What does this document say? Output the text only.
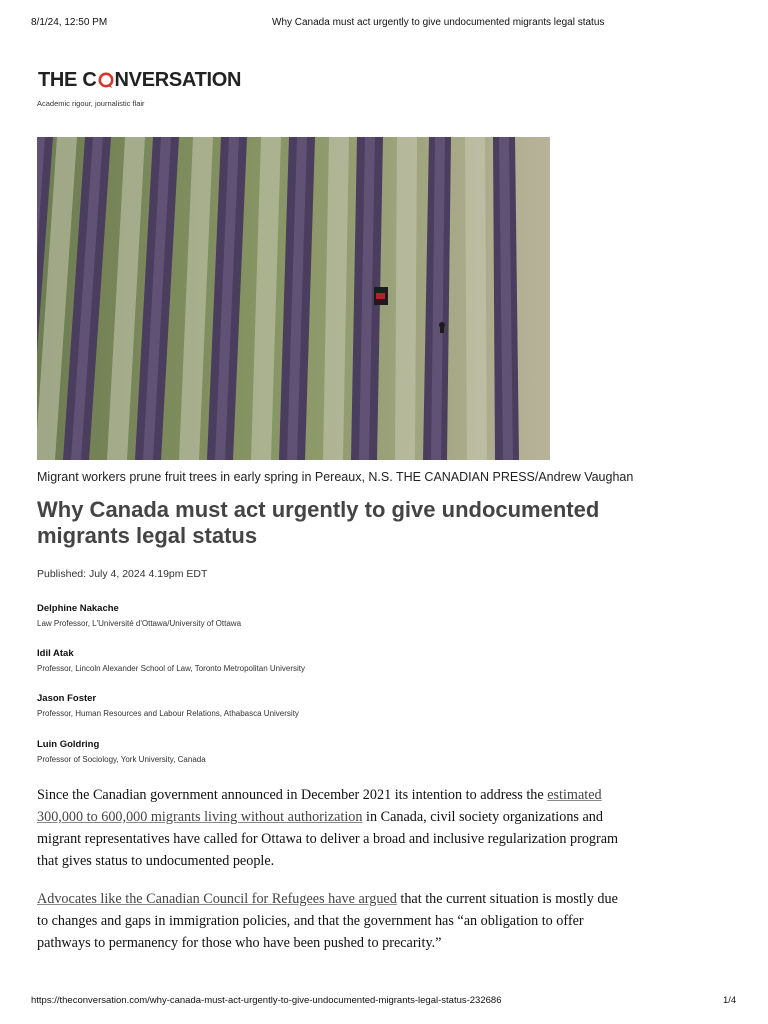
8/1/24, 12:50 PM	Why Canada must act urgently to give undocumented migrants legal status
THE C NVERSATION
Academic rigour, journalistic flair
Migrant workers prune fruit trees in early spring in Pereaux, N.S. THE CANADIAN PRESS/Andrew Vaughan
Why Canada must act urgently to give undocumented migrants legal status
Published: July 4, 2024 4.19pm EDT
Delphine Nakache
Law Professor, L'Université d'Ottawa/University of Ottawa
Idil Atak
Professor, Lincoln Alexander School of Law, Toronto Metropolitan University
Jason Foster
Professor, Human Resources and Labour Relations, Athabasca University
Luin Goldring
Professor of Sociology, York University, Canada

Since the Canadian government announced in December 2021 its intention to address the estimated 300,000 to 600,000 migrants living without authorization in Canada, civil society organizations and migrant representatives have called for Ottawa to deliver a broad and inclusive regularization program that gives status to undocumented people.

Advocates like the Canadian Council for Refugees have argued that the current situation is mostly due to changes and gaps in immigration policies, and that the government has “an obligation to offer pathways to permanency for those who have been pushed to precarity.”

https://theconversation.com/why-canada-must-act-urgently-to-give-undocumented-migrants-legal-status-232686	1/4
